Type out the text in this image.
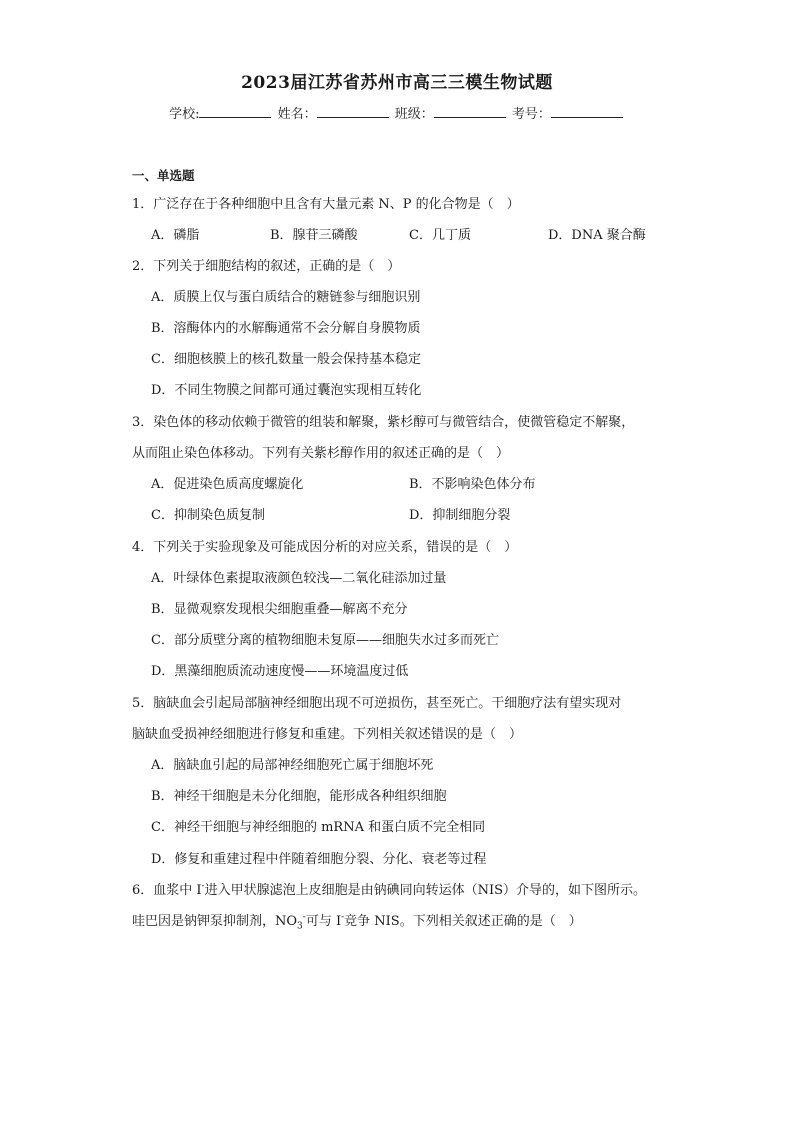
2023届江苏省苏州市高三三模生物试题
学校:	姓名：	班级：	考号：
一、单选题
1．广泛存在于各种细胞中且含有大量元素 N、P 的化合物是（　）
A．磷脂	B．腺苷三磷酸	C．几丁质	D．DNA 聚合酶
2．下列关于细胞结构的叙述，正确的是（　）
A．质膜上仅与蛋白质结合的糖链参与细胞识别
B．溶酶体内的水解酶通常不会分解自身膜物质
C．细胞核膜上的核孔数量一般会保持基本稳定
D．不同生物膜之间都可通过囊泡实现相互转化
3．染色体的移动依赖于微管的组装和解聚，紫杉醇可与微管结合，使微管稳定不解聚，
从而阻止染色体移动。下列有关紫杉醇作用的叙述正确的是（　）
A．促进染色质高度螺旋化	B．不影响染色体分布
C．抑制染色质复制	D．抑制细胞分裂
4．下列关于实验现象及可能成因分析的对应关系，错误的是（　）
A．叶绿体色素提取液颜色较浅—二氧化硅添加过量
B．显微观察发现根尖细胞重叠—解离不充分
C．部分质壁分离的植物细胞未复原——细胞失水过多而死亡
D．黑藻细胞质流动速度慢——环境温度过低
5．脑缺血会引起局部脑神经细胞出现不可逆损伤，甚至死亡。干细胞疗法有望实现对
脑缺血受损神经细胞进行修复和重建。下列相关叙述错误的是（　）
A．脑缺血引起的局部神经细胞死亡属于细胞坏死
B．神经干细胞是未分化细胞，能形成各种组织细胞
C．神经干细胞与神经细胞的 mRNA 和蛋白质不完全相同
D．修复和重建过程中伴随着细胞分裂、分化、衰老等过程
6．血浆中 I-进入甲状腺滤泡上皮细胞是由钠碘同向转运体（NIS）介导的，如下图所示。
哇巴因是钠钾泵抑制剂，$NO_3^-$可与 I-竞争 NIS。下列相关叙述正确的是（　）
